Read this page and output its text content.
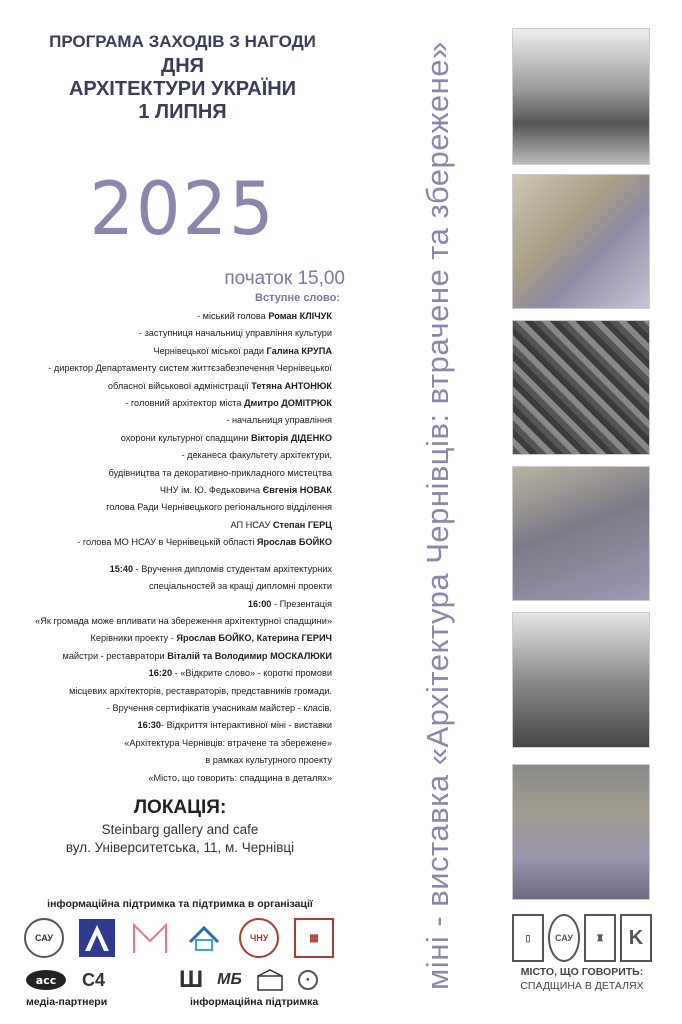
ПРОГРАМА ЗАХОДІВ З НАГОДИ
ДНЯ
АРХІТЕКТУРИ УКРАЇНИ
1 ЛИПНЯ
2025
початок 15,00
Вступне слово:
- міський голова Роман КЛІЧУК
- заступниця начальниці управління культури
Чернівецької міської ради Галина КРУПА
- директор Департаменту систем життєзабезпечення Чернівецької
обласної військової адміністрації Тетяна АНТОНЮК
- головний архітектор міста Дмитро ДОМІТРЮК
- начальниця управління
охорони культурної спадщини Вікторія ДІДЕНКО
- деканеса факультету архітектури,
будівництва та декоративно-прикладного мистецтва
ЧНУ ім. Ю. Федьковича Євгенія НОВАК
голова Ради Чернівецького регіонального відділення
АП НСАУ Степан ГЕРЦ
- голова МО НСАУ в Чернівецькій області Ярослав БОЙКО
15:40 - Вручення дипломів студентам архітектурних
спеціальностей за кращі дипломні проекти
16:00 - Презентація
«Як громада може впливати на збереження архітектурної спадщини»
Керівники проекту - Ярослав БОЙКО, Катерина ГЕРИЧ
майстри - реставратори Віталій та Володимир МОСКАЛЮКИ
16:20 - «Відкрите слово» - короткі промови
місцевих архітекторів, реставраторів, представників громади.
- Вручення сертифікатів учасникам майстер - класів.
16:30- Відкриття інтерактивної міні - виставки
«Архітектура Чернівців: втрачене та збережене»
в рамках культурного проекту
«Місто, що говорить: спадщина в деталях»
ЛОКАЦІЯ:
Steinbarg gallery and cafe
вул. Університетська, 11, м. Чернівці
інформаційна підтримка та підтримка в організації
САУ	ЧНУ	▦
acc C4	Ш МБ	●
медіа-партнери	інформаційна підтримка
міні - виставка «Архітектура Чернівців: втрачене та збережене»	▯	САУ	♜	K
МІСТО, ЩО ГОВОРИТЬ:
СПАДЩИНА В ДЕТАЛЯХ
